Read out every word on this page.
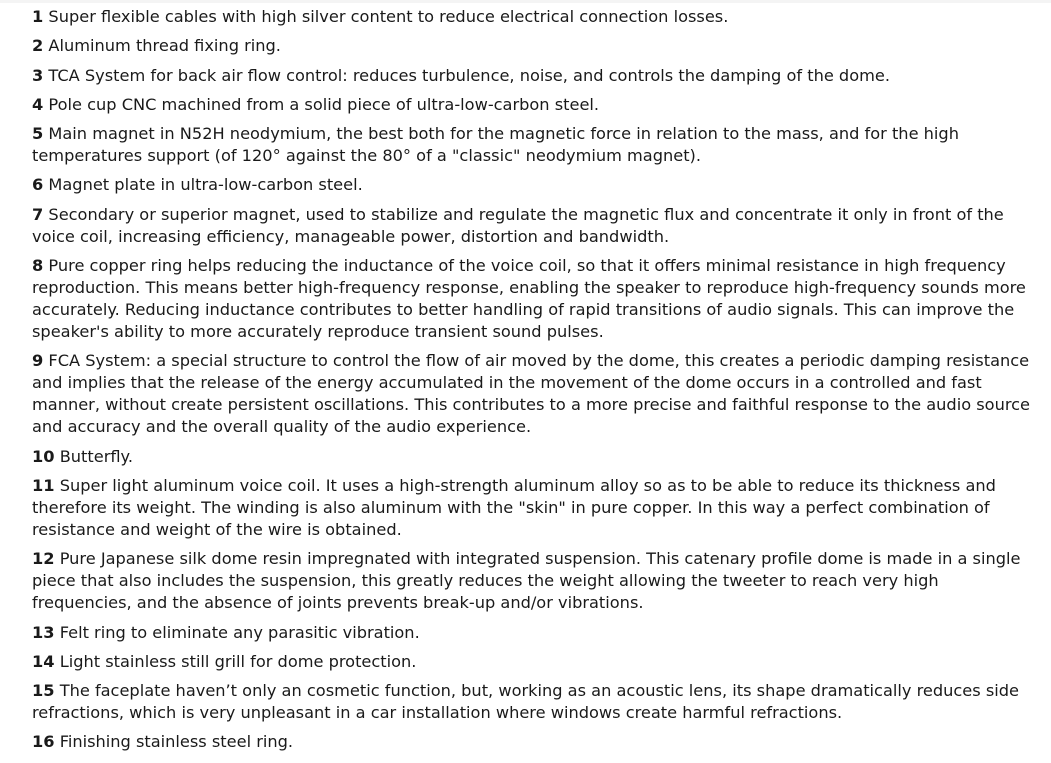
1 Super flexible cables with high silver content to reduce electrical connection losses.
2 Aluminum thread fixing ring.
3 TCA System for back air flow control: reduces turbulence, noise, and controls the damping of the dome.
4 Pole cup CNC machined from a solid piece of ultra-low-carbon steel.
5 Main magnet in N52H neodymium, the best both for the magnetic force in relation to the mass, and for the high temperatures support (of 120° against the 80° of a "classic" neodymium magnet).
6 Magnet plate in ultra-low-carbon steel.
7 Secondary or superior magnet, used to stabilize and regulate the magnetic flux and concentrate it only in front of the voice coil, increasing efficiency, manageable power, distortion and bandwidth.
8 Pure copper ring helps reducing the inductance of the voice coil, so that it offers minimal resistance in high frequency reproduction. This means better high-frequency response, enabling the speaker to reproduce high-frequency sounds more accurately. Reducing inductance contributes to better handling of rapid transitions of audio signals. This can improve the speaker's ability to more accurately reproduce transient sound pulses.
9 FCA System: a special structure to control the flow of air moved by the dome, this creates a periodic damping resistance and implies that the release of the energy accumulated in the movement of the dome occurs in a controlled and fast manner, without create persistent oscillations. This contributes to a more precise and faithful response to the audio source and accuracy and the overall quality of the audio experience.
10 Butterfly.
11 Super light aluminum voice coil. It uses a high-strength aluminum alloy so as to be able to reduce its thickness and therefore its weight. The winding is also aluminum with the "skin" in pure copper. In this way a perfect combination of resistance and weight of the wire is obtained.
12 Pure Japanese silk dome resin impregnated with integrated suspension. This catenary profile dome is made in a single piece that also includes the suspension, this greatly reduces the weight allowing the tweeter to reach very high frequencies, and the absence of joints prevents break-up and/or vibrations.
13 Felt ring to eliminate any parasitic vibration.
14 Light stainless still grill for dome protection.
15 The faceplate haven’t only an cosmetic function, but, working as an acoustic lens, its shape dramatically reduces side refractions, which is very unpleasant in a car installation where windows create harmful refractions.
16 Finishing stainless steel ring.
